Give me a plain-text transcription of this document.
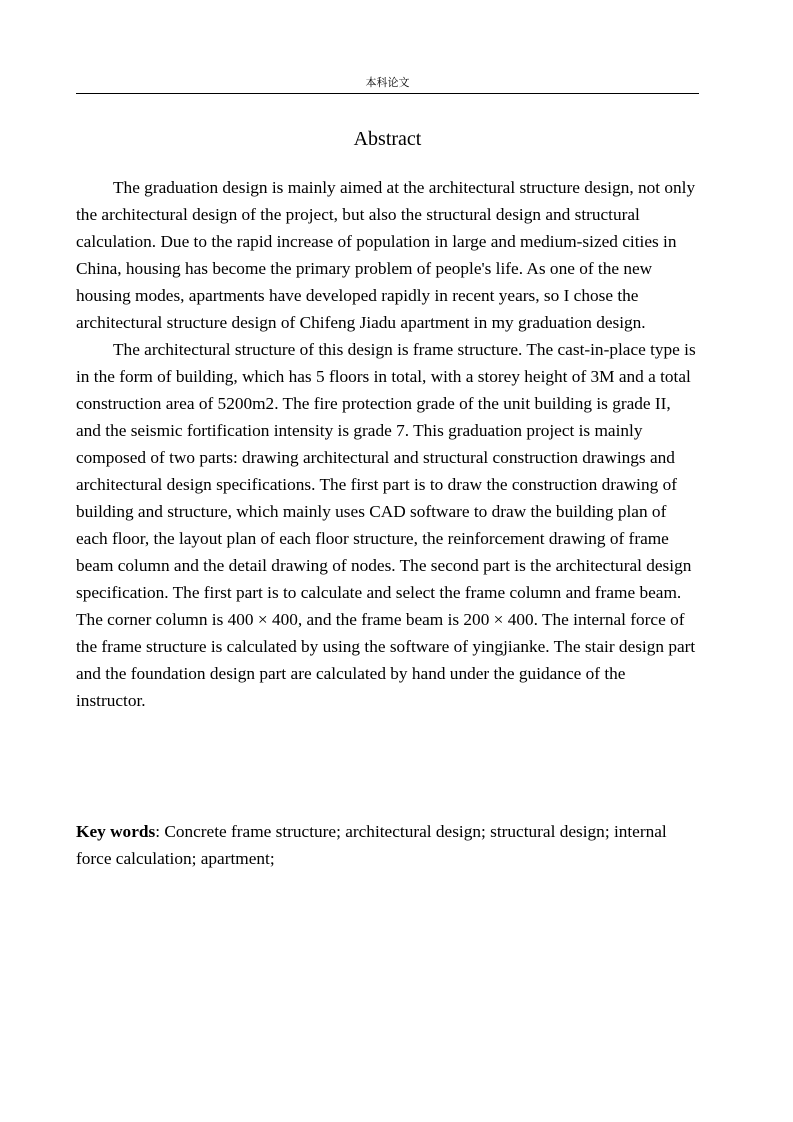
本科论文
Abstract

The graduation design is mainly aimed at the architectural structure design, not only the architectural design of the project, but also the structural design and structural calculation. Due to the rapid increase of population in large and medium-sized cities in China, housing has become the primary problem of people's life. As one of the new housing modes, apartments have developed rapidly in recent years, so I chose the architectural structure design of Chifeng Jiadu apartment in my graduation design.

The architectural structure of this design is frame structure. The cast-in-place type is in the form of building, which has 5 floors in total, with a storey height of 3M and a total construction area of 5200m2. The fire protection grade of the unit building is grade II, and the seismic fortification intensity is grade 7. This graduation project is mainly composed of two parts: drawing architectural and structural construction drawings and architectural design specifications. The first part is to draw the construction drawing of building and structure, which mainly uses CAD software to draw the building plan of each floor, the layout plan of each floor structure, the reinforcement drawing of frame beam column and the detail drawing of nodes. The second part is the architectural design specification. The first part is to calculate and select the frame column and frame beam. The corner column is 400 × 400, and the frame beam is 200 × 400. The internal force of the frame structure is calculated by using the software of yingjianke. The stair design part and the foundation design part are calculated by hand under the guidance of the instructor.

Key words: Concrete frame structure; architectural design; structural design; internal force calculation; apartment;
